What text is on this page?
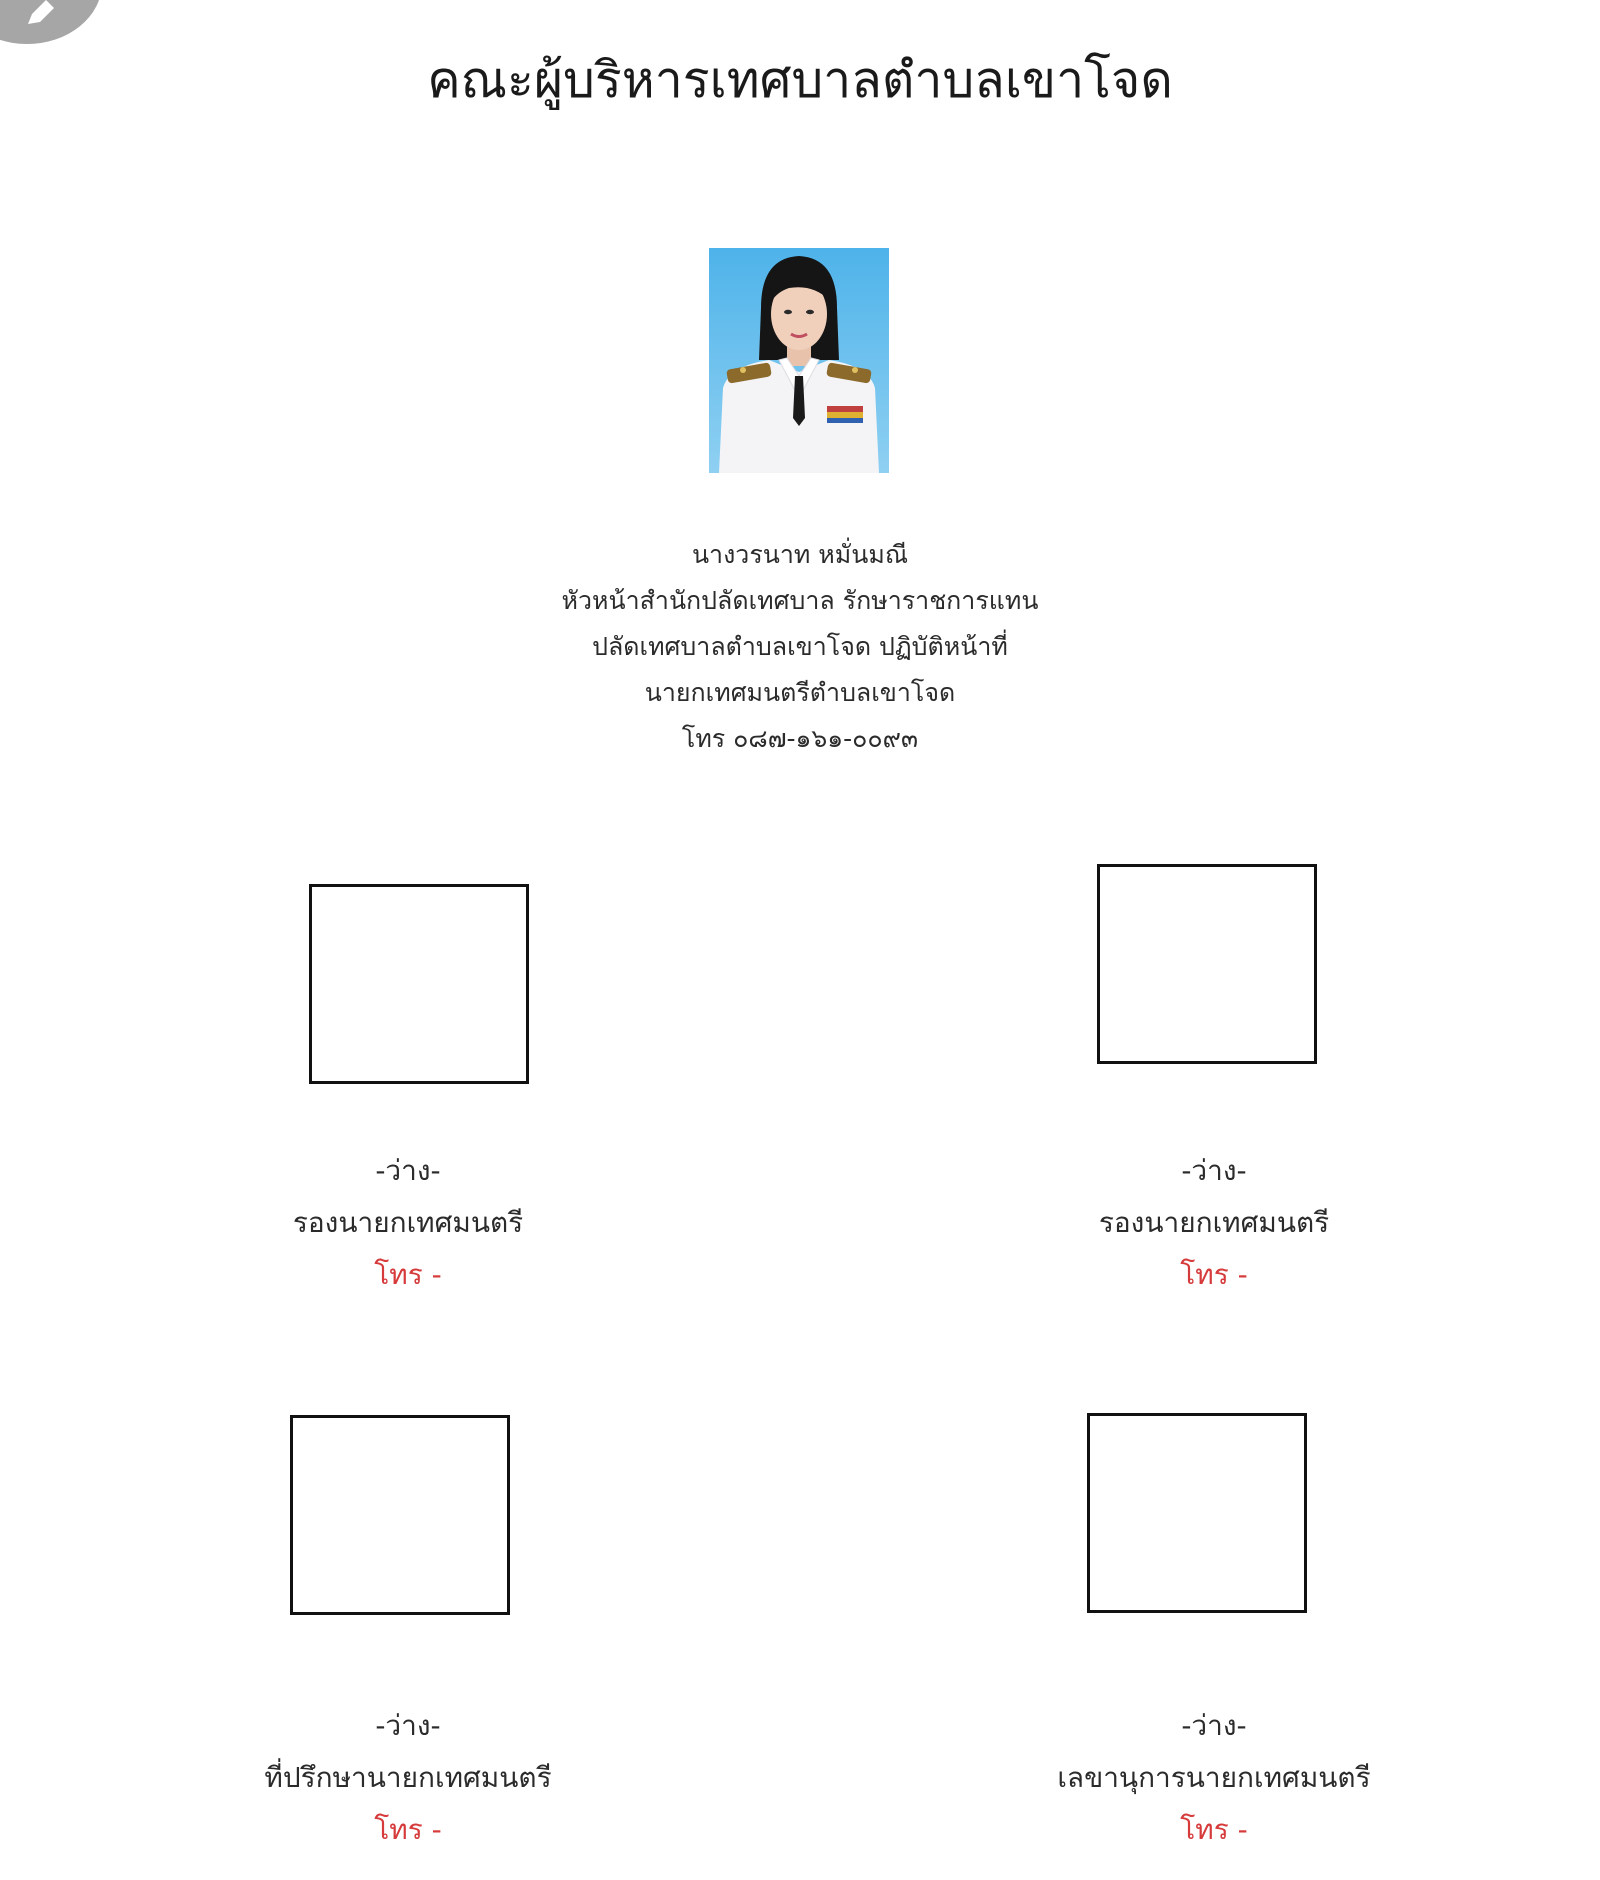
คณะผู้บริหารเทศบาลตำบลเขาโจด
นางวรนาท หมั่นมณี
หัวหน้าสำนักปลัดเทศบาล รักษาราชการแทน
ปลัดเทศบาลตำบลเขาโจด ปฏิบัติหน้าที่
นายกเทศมนตรีตำบลเขาโจด
โทร ๐๘๗-๑๖๑-๐๐๙๓
-ว่าง-
รองนายกเทศมนตรี
โทร -
-ว่าง-
รองนายกเทศมนตรี
โทร -
-ว่าง-
ที่ปรึกษานายกเทศมนตรี
โทร -
-ว่าง-
เลขานุการนายกเทศมนตรี
โทร -
